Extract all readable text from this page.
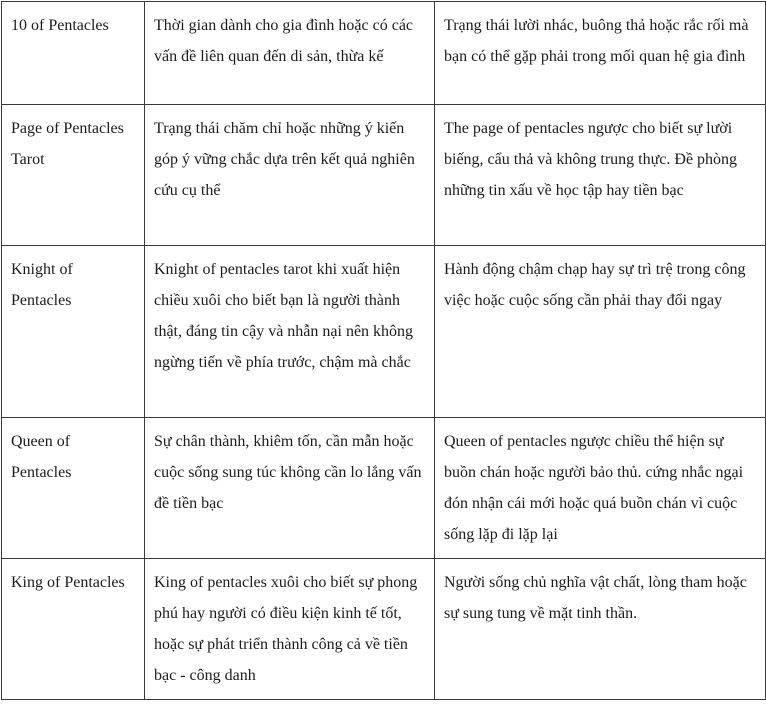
10 of Pentacles	Thời gian dành cho gia đình hoặc có các vấn đề liên quan đến di sản, thừa kế	Trạng thái lười nhác, buông thả hoặc rắc rối mà bạn có thể gặp phải trong mối quan hệ gia đình
Page of Pentacles Tarot	Trạng thái chăm chỉ hoặc những ý kiến góp ý vững chắc dựa trên kết quả nghiên cứu cụ thể	The page of pentacles ngược cho biết sự lười biếng, cẩu thả và không trung thực. Đề phòng những tin xấu về học tập hay tiền bạc
Knight of Pentacles	Knight of pentacles tarot khi xuất hiện chiều xuôi cho biết bạn là người thành thật, đáng tin cậy và nhẫn nại nên không ngừng tiến về phía trước, chậm mà chắc	Hành động chậm chạp hay sự trì trệ trong công việc hoặc cuộc sống cần phải thay đổi ngay
Queen of Pentacles	Sự chân thành, khiêm tốn, cần mẫn hoặc cuộc sống sung túc không cần lo lắng vấn đề tiền bạc	Queen of pentacles ngược chiều thể hiện sự buồn chán hoặc người bảo thủ. cứng nhắc ngại đón nhận cái mới hoặc quá buồn chán vì cuộc sống lặp đi lặp lại
King of Pentacles	King of pentacles xuôi cho biết sự phong phú hay người có điều kiện kinh tế tốt, hoặc sự phát triển thành công cả về tiền bạc - công danh	Người sống chủ nghĩa vật chất, lòng tham hoặc sự sung tung về mặt tinh thần.
